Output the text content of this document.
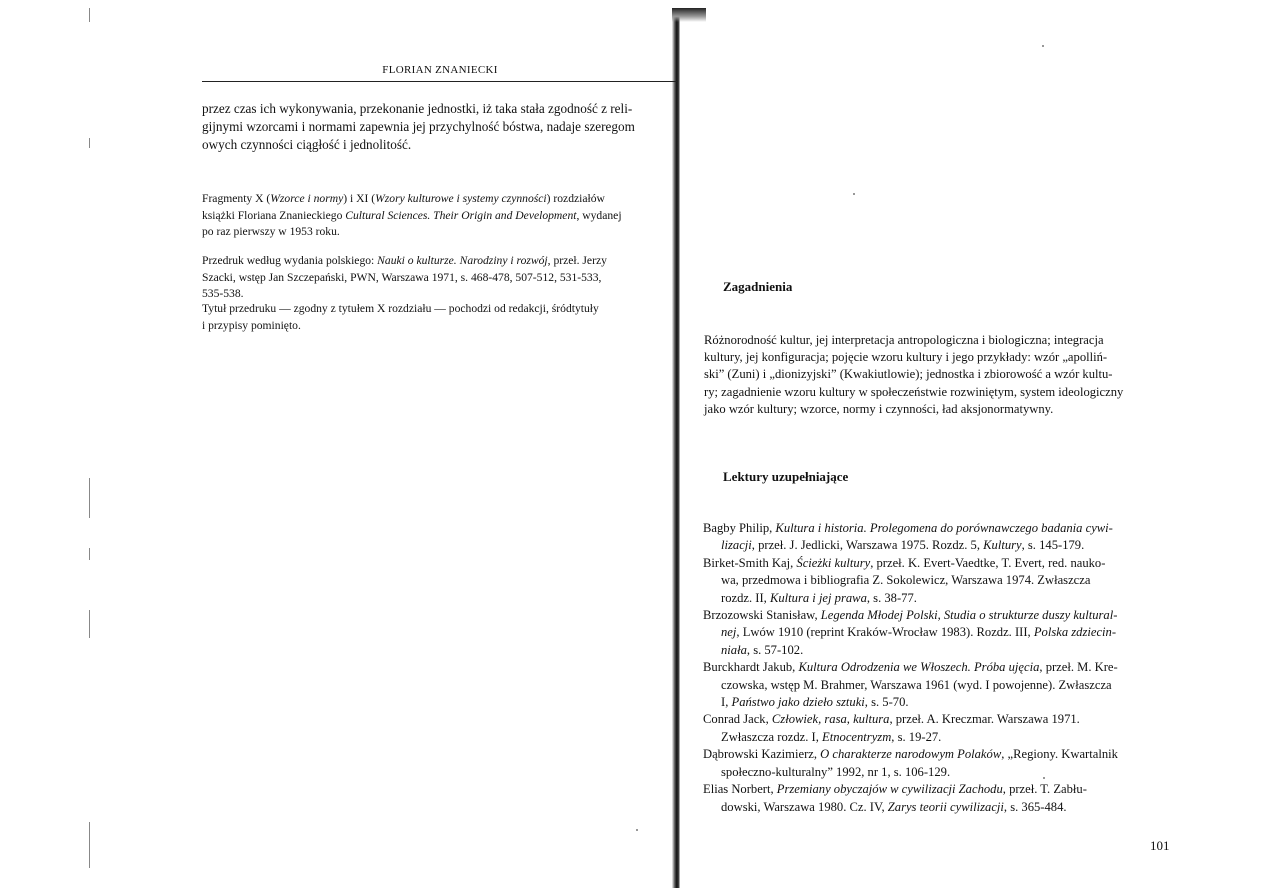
FLORIAN ZNANIECKI
przez czas ich wykonywania, przekonanie jednostki, iż taka stała zgodność z reli-
gijnymi wzorcami i normami zapewnia jej przychylność bóstwa, nadaje szeregom
owych czynności ciągłość i jednolitość.
Fragmenty X (Wzorce i normy) i XI (Wzory kulturowe i systemy czynności) rozdziałów
książki Floriana Znanieckiego Cultural Sciences. Their Origin and Development, wydanej
po raz pierwszy w 1953 roku.
Przedruk według wydania polskiego: Nauki o kulturze. Narodziny i rozwój, przeł. Jerzy
Szacki, wstęp Jan Szczepański, PWN, Warszawa 1971, s. 468-478, 507-512, 531-533,
535-538.
Tytuł przedruku — zgodny z tytułem X rozdziału — pochodzi od redakcji, śródtytuły
i przypisy pominięto.
Zagadnienia
Różnorodność kultur, jej interpretacja antropologiczna i biologiczna; integracja
kultury, jej konfiguracja; pojęcie wzoru kultury i jego przykłady: wzór „apolliń-
ski” (Zuni) i „dionizyjski” (Kwakiutlowie); jednostka i zbiorowość a wzór kultu-
ry; zagadnienie wzoru kultury w społeczeństwie rozwiniętym, system ideologiczny
jako wzór kultury; wzorce, normy i czynności, ład aksjonormatywny.
Lektury uzupełniające
Bagby Philip, Kultura i historia. Prolegomena do porównawczego badania cywi-
lizacji, przeł. J. Jedlicki, Warszawa 1975. Rozdz. 5, Kultury, s. 145-179.
Birket-Smith Kaj, Ścieżki kultury, przeł. K. Evert-Vaedtke, T. Evert, red. nauko-
wa, przedmowa i bibliografia Z. Sokolewicz, Warszawa 1974. Zwłaszcza
rozdz. II, Kultura i jej prawa, s. 38-77.
Brzozowski Stanisław, Legenda Młodej Polski, Studia o strukturze duszy kultural-
nej, Lwów 1910 (reprint Kraków-Wrocław 1983). Rozdz. III, Polska zdziecin-
niała, s. 57-102.
Burckhardt Jakub, Kultura Odrodzenia we Włoszech. Próba ujęcia, przeł. M. Kre-
czowska, wstęp M. Brahmer, Warszawa 1961 (wyd. I powojenne). Zwłaszcza
I, Państwo jako dzieło sztuki, s. 5-70.
Conrad Jack, Człowiek, rasa, kultura, przeł. A. Kreczmar. Warszawa 1971.
Zwłaszcza rozdz. I, Etnocentryzm, s. 19-27.
Dąbrowski Kazimierz, O charakterze narodowym Polaków, „Regiony. Kwartalnik
społeczno-kulturalny” 1992, nr 1, s. 106-129.
Elias Norbert, Przemiany obyczajów w cywilizacji Zachodu, przeł. T. Zabłu-
dowski, Warszawa 1980. Cz. IV, Zarys teorii cywilizacji, s. 365-484.
101
